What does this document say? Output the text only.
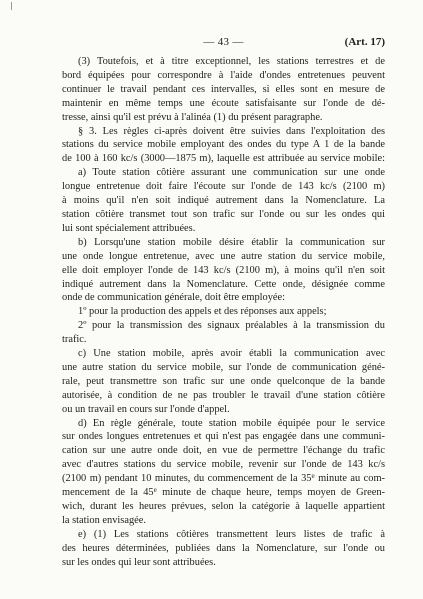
— 43 —	(Art. 17)
(3) Toutefois, et à titre exceptionnel, les stations terrestres et de
bord équipées pour correspondre à l'aide d'ondes entretenues peuvent
continuer le travail pendant ces intervalles, si elles sont en mesure de
maintenir en même temps une écoute satisfaisante sur l'onde de dé-
tresse, ainsi qu'il est prévu à l'alinéa (1) du présent paragraphe.
§ 3. Les règles ci-après doivent être suivies dans l'exploitation des
stations du service mobile employant des ondes du type A 1 de la bande
de 100 à 160 kc/s (3000—1875 m), laquelle est attribuée au service mobile:
a) Toute station côtière assurant une communication sur une onde
longue entretenue doit faire l'écoute sur l'onde de 143 kc/s (2100 m)
à moins qu'il n'en soit indiqué autrement dans la Nomenclature. La
station côtière transmet tout son trafic sur l'onde ou sur les ondes qui
lui sont spécialement attribuées.
b) Lorsqu'une station mobile désire établir la communication sur
une onde longue entretenue, avec une autre station du service mobile,
elle doit employer l'onde de 143 kc/s (2100 m), à moins qu'il n'en soit
indiqué autrement dans la Nomenclature. Cette onde, désignée comme
onde de communication générale, doit être employée:
1º pour la production des appels et des réponses aux appels;
2º pour la transmission des signaux préalables à la transmission du
trafic.
c) Une station mobile, après avoir établi la communication avec
une autre station du service mobile, sur l'onde de communication géné-
rale, peut transmettre son trafic sur une onde quelconque de la bande
autorisée, à condition de ne pas troubler le travail d'une station côtière
ou un travail en cours sur l'onde d'appel.
d) En règle générale, toute station mobile équipée pour le service
sur ondes longues entretenues et qui n'est pas engagée dans une communi-
cation sur une autre onde doit, en vue de permettre l'échange du trafic
avec d'autres stations du service mobile, revenir sur l'onde de 143 kc/s
(2100 m) pendant 10 minutes, du commencement de la 35e minute au com-
mencement de la 45e minute de chaque heure, temps moyen de Green-
wich, durant les heures prévues, selon la catégorie à laquelle appartient
la station envisagée.
e) (1) Les stations côtières transmettent leurs listes de trafic à
des heures déterminées, publiées dans la Nomenclature, sur l'onde ou
sur les ondes qui leur sont attribuées.
